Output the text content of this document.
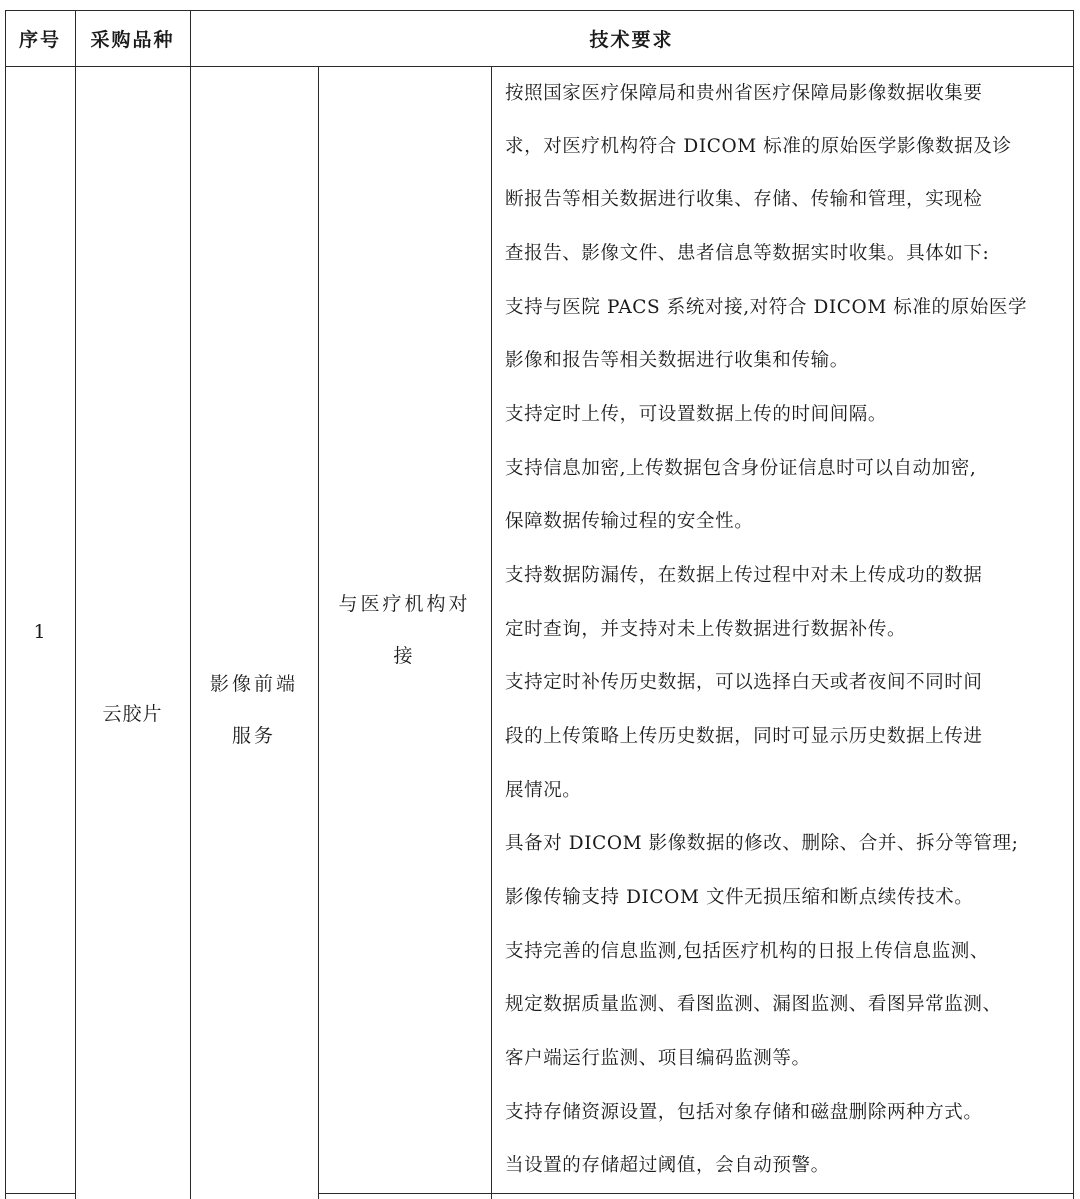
序号	采购品种	技术要求
1
云胶片
影像前端
服务
与医疗机构对
接
按照国家医疗保障局和贵州省医疗保障局影像数据收集要
求，对医疗机构符合 DICOM 标准的原始医学影像数据及诊
断报告等相关数据进行收集、存储、传输和管理，实现检
查报告、影像文件、患者信息等数据实时收集。具体如下:
支持与医院 PACS 系统对接,对符合 DICOM 标准的原始医学
影像和报告等相关数据进行收集和传输。
支持定时上传，可设置数据上传的时间间隔。
支持信息加密,上传数据包含身份证信息时可以自动加密,
保障数据传输过程的安全性。
支持数据防漏传，在数据上传过程中对未上传成功的数据
定时查询，并支持对未上传数据进行数据补传。
支持定时补传历史数据，可以选择白天或者夜间不同时间
段的上传策略上传历史数据，同时可显示历史数据上传进
展情况。
具备对 DICOM 影像数据的修改、删除、合并、拆分等管理;
影像传输支持 DICOM 文件无损压缩和断点续传技术。
支持完善的信息监测,包括医疗机构的日报上传信息监测、
规定数据质量监测、看图监测、漏图监测、看图异常监测、
客户端运行监测、项目编码监测等。
支持存储资源设置，包括对象存储和磁盘删除两种方式。
当设置的存储超过阈值，会自动预警。
